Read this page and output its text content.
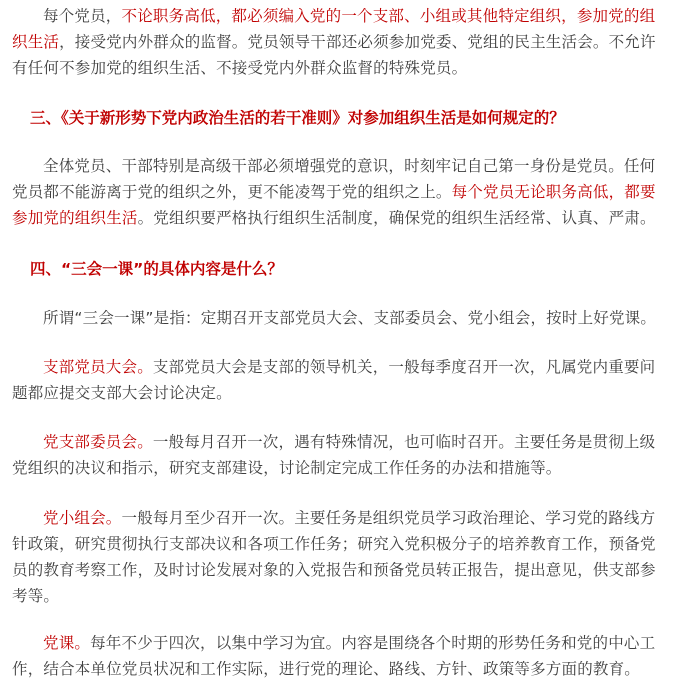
每个党员，不论职务高低，都必须编入党的一个支部、小组或其他特定组织，参加党的组织生活，接受党内外群众的监督。党员领导干部还必须参加党委、党组的民主生活会。不允许有任何不参加党的组织生活、不接受党内外群众监督的特殊党员。

三、《关于新形势下党内政治生活的若干准则》对参加组织生活是如何规定的？

全体党员、干部特别是高级干部必须增强党的意识，时刻牢记自己第一身份是党员。任何党员都不能游离于党的组织之外，更不能凌驾于党的组织之上。每个党员无论职务高低，都要参加党的组织生活。党组织要严格执行组织生活制度，确保党的组织生活经常、认真、严肃。

四、“三会一课”的具体内容是什么？

所谓“三会一课”是指：定期召开支部党员大会、支部委员会、党小组会，按时上好党课。

支部党员大会。支部党员大会是支部的领导机关，一般每季度召开一次，凡属党内重要问题都应提交支部大会讨论决定。

党支部委员会。一般每月召开一次，遇有特殊情况，也可临时召开。主要任务是贯彻上级党组织的决议和指示，研究支部建设，讨论制定完成工作任务的办法和措施等。

党小组会。一般每月至少召开一次。主要任务是组织党员学习政治理论、学习党的路线方针政策，研究贯彻执行支部决议和各项工作任务；研究入党积极分子的培养教育工作，预备党员的教育考察工作，及时讨论发展对象的入党报告和预备党员转正报告，提出意见，供支部参考等。

党课。每年不少于四次，以集中学习为宜。内容是围绕各个时期的形势任务和党的中心工作，结合本单位党员状况和工作实际，进行党的理论、路线、方针、政策等多方面的教育。
